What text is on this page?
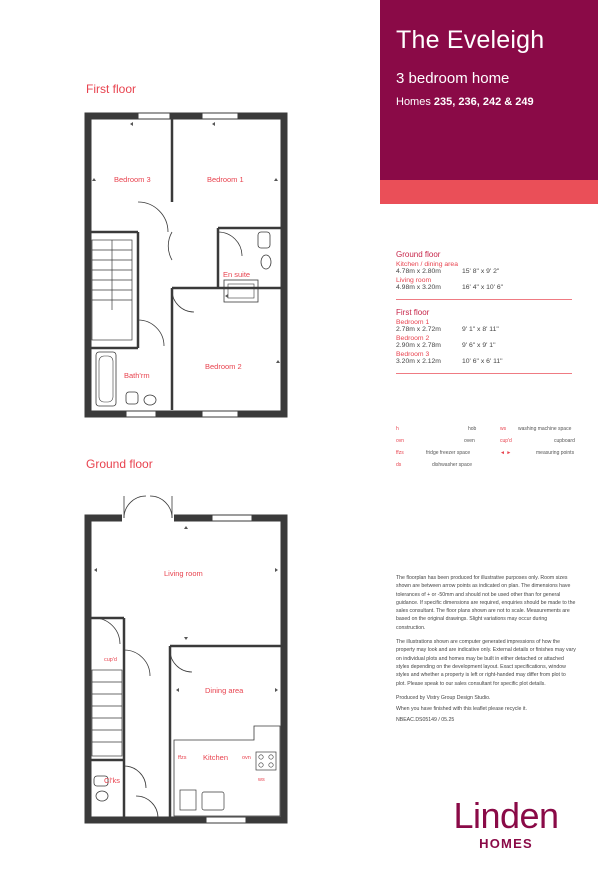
First floor
Bedroom 3	Bedroom 1
En suite
Bath'rm
Bedroom 2
Ground floor
Living room
cup'd
Dining area
Kitchen
ffzs	ovn
ws
Cl'ks
The Eveleigh
3 bedroom home
Homes 235, 236, 242 & 249
Ground floor
Kitchen / dining area
4.78m x 2.80m	15' 8" x 9' 2"
Living room
4.98m x 3.20m	16' 4" x 10' 6"
First floor
Bedroom 1
2.78m x 2.72m	9' 1" x 8' 11"
Bedroom 2
2.90m x 2.78m	9' 6" x 9' 1"
Bedroom 3
3.20m x 2.12m	10' 6" x 6' 11"
h	hob	ws washing machine space
ovn	oven	cup'd	cupboard
ffzs	fridge freezer space	◄ ►	measuring points
ds	dishwasher space

The floorplan has been produced for illustrative purposes only. Room sizes shown are between arrow points as indicated on plan. The dimensions have tolerances of + or -50mm and should not be used other than for general guidance. If specific dimensions are required, enquiries should be made to the sales consultant. The floor plans shown are not to scale. Measurements are based on the original drawings. Slight variations may occur during construction.

The illustrations shown are computer generated impressions of how the property may look and are indicative only. External details or finishes may vary on individual plots and homes may be built in either detached or attached styles depending on the development layout. Exact specifications, window styles and whether a property is left or right-handed may differ from plot to plot. Please speak to our sales consultant for specific plot details.

Produced by Vistry Group Design Studio.

When you have finished with this leaflet please recycle it.

NBEAC.DS05149 / 05.25

Linden
HOMES
